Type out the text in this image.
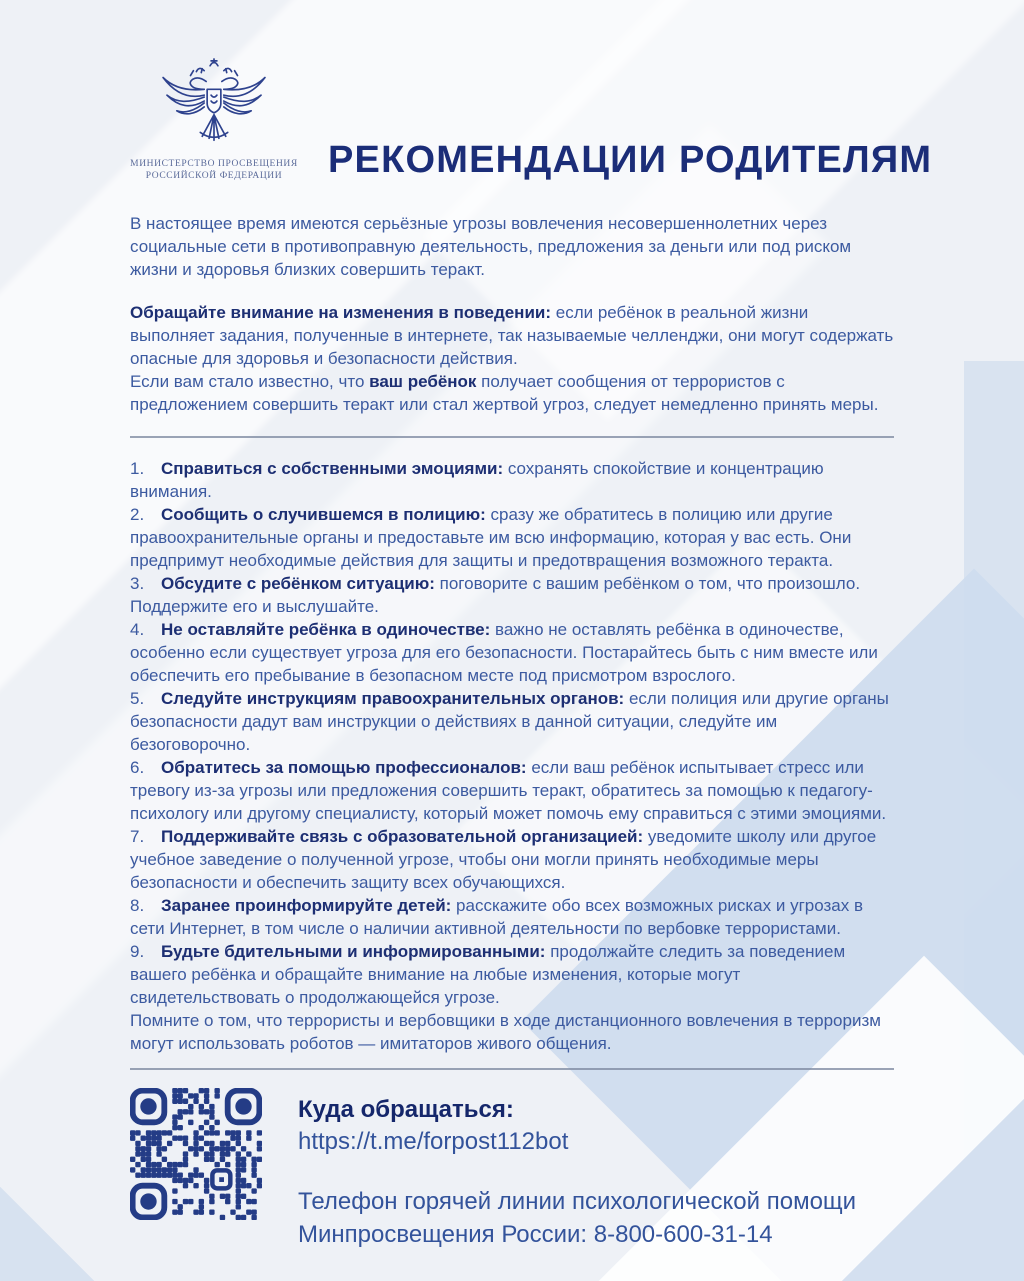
МИНИСТЕРСТВО ПРОСВЕЩЕНИЯ
РОССИЙСКОЙ ФЕДЕРАЦИИ	РЕКОМЕНДАЦИИ РОДИТЕЛЯМ

В настоящее время имеются серьёзные угрозы вовлечения несовершеннолетних через социальные сети в противоправную деятельность, предложения за деньги или под риском жизни и здоровья близких совершить теракт.

Обращайте внимание на изменения в поведении: если ребёнок в реальной жизни выполняет задания, полученные в интернете, так называемые челленджи, они могут содержать опасные для здоровья и безопасности действия.

Если вам стало известно, что ваш ребёнок получает сообщения от террористов с предложением совершить теракт или стал жертвой угроз, следует немедленно принять меры.

1. Справиться с собственными эмоциями: сохранять спокойствие и концентрацию внимания.

2. Сообщить о случившемся в полицию: сразу же обратитесь в полицию или другие правоохранительные органы и предоставьте им всю информацию, которая у вас есть. Они предпримут необходимые действия для защиты и предотвращения возможного теракта.

3. Обсудите с ребёнком ситуацию: поговорите с вашим ребёнком о том, что произошло. Поддержите его и выслушайте.

4. Не оставляйте ребёнка в одиночестве: важно не оставлять ребёнка в одиночестве, особенно если существует угроза для его безопасности. Постарайтесь быть с ним вместе или обеспечить его пребывание в безопасном месте под присмотром взрослого.

5. Следуйте инструкциям правоохранительных органов: если полиция или другие органы безопасности дадут вам инструкции о действиях в данной ситуации, следуйте им безоговорочно.

6. Обратитесь за помощью профессионалов: если ваш ребёнок испытывает стресс или тревогу из-за угрозы или предложения совершить теракт, обратитесь за помощью к педагогу-психологу или другому специалисту, который может помочь ему справиться с этими эмоциями.

7. Поддерживайте связь с образовательной организацией: уведомите школу или другое учебное заведение о полученной угрозе, чтобы они могли принять необходимые меры безопасности и обеспечить защиту всех обучающихся.

8. Заранее проинформируйте детей: расскажите обо всех возможных рисках и угрозах в сети Интернет, в том числе о наличии активной деятельности по вербовке террористами.

9. Будьте бдительными и информированными: продолжайте следить за поведением вашего ребёнка и обращайте внимание на любые изменения, которые могут свидетельствовать о продолжающейся угрозе.

Помните о том, что террористы и вербовщики в ходе дистанционного вовлечения в терроризм могут использовать роботов — имитаторов живого общения.

Куда обращаться:
https://t.me/forpost112bot
Телефон горячей линии психологической помощи
Минпросвещения России: 8-800-600-31-14
